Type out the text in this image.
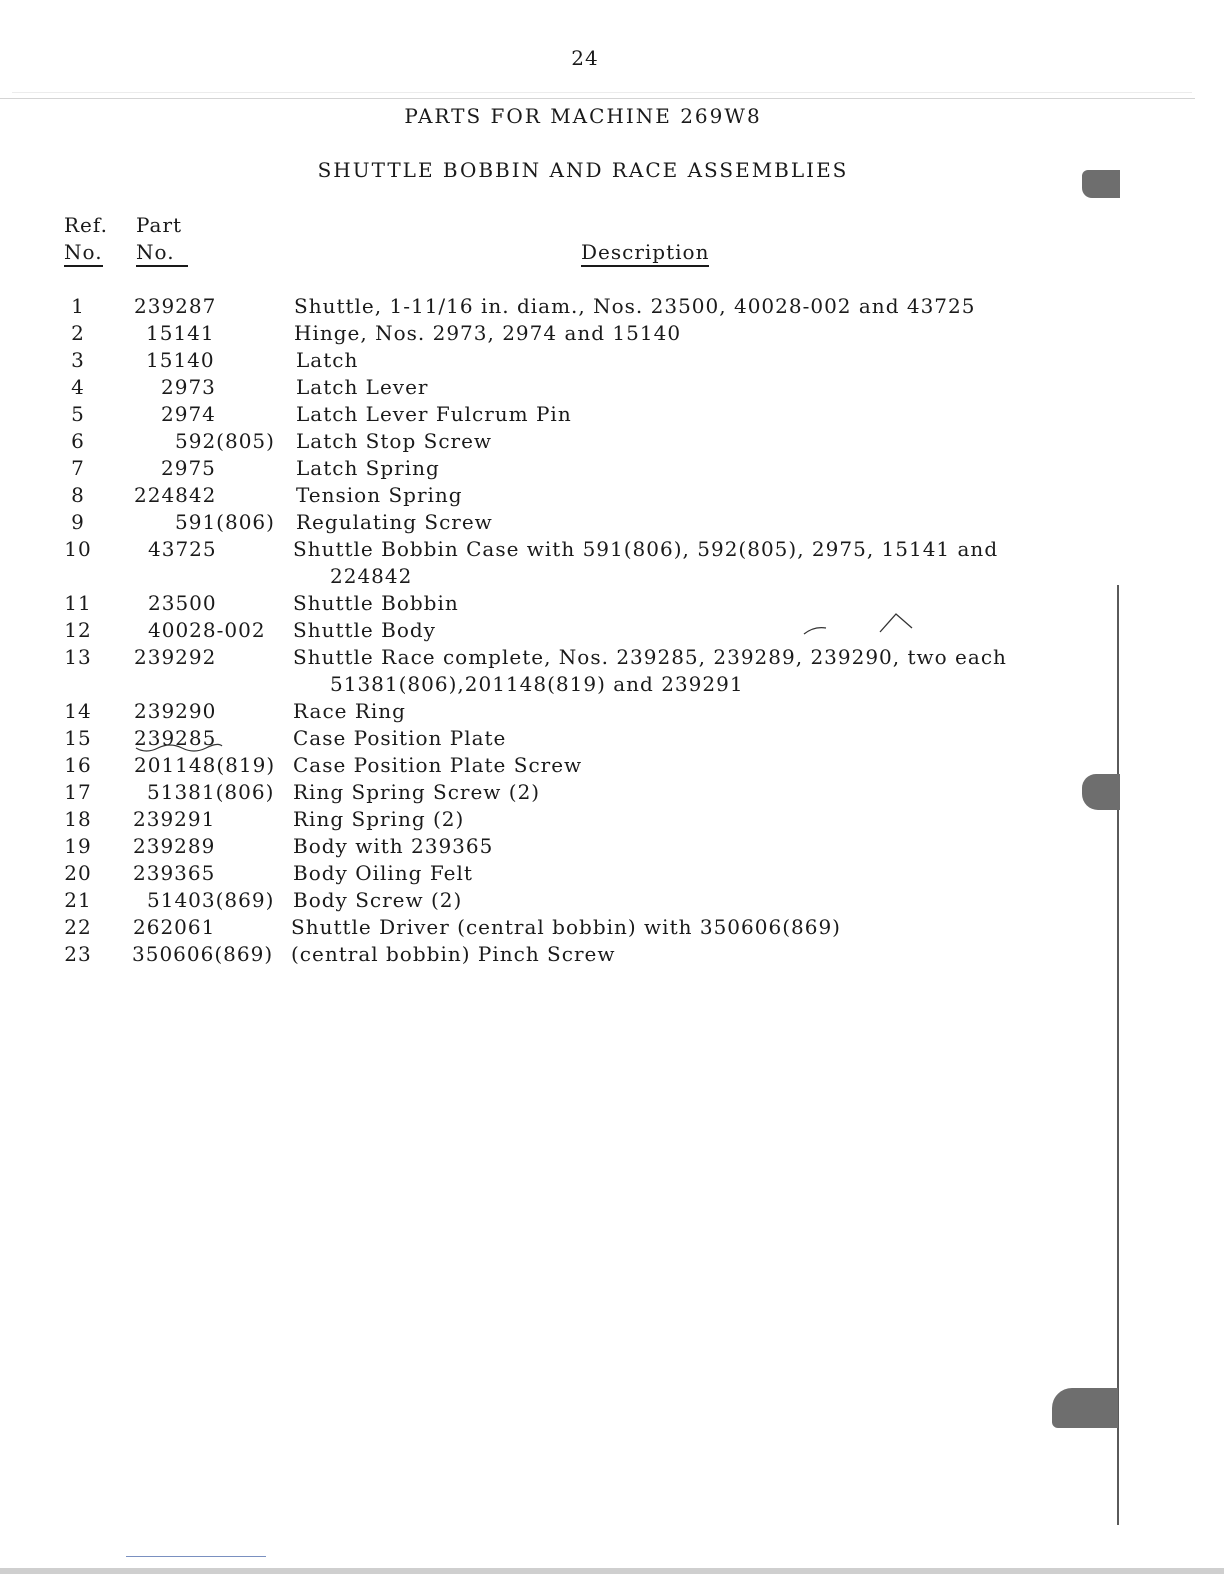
24
PARTS FOR MACHINE 269W8
SHUTTLE BOBBIN AND RACE ASSEMBLIES
Ref.
No.
Part
No.	Description
1	239287	Shuttle, 1-11/16 in. diam., Nos. 23500, 40028-002 and 43725
2	15141	Hinge, Nos. 2973, 2974 and 15140
3	15140	Latch
4	2973	Latch Lever
5	2974	Latch Lever Fulcrum Pin
6	592(805) Latch Stop Screw
7	2975	Latch Spring
8	224842	Tension Spring
9	591(806) Regulating Screw
10	43725	Shuttle Bobbin Case with 591(806), 592(805), 2975, 15141 and
224842
11	23500	Shuttle Bobbin
12	40028-002 Shuttle Body
13	239292	Shuttle Race complete, Nos. 239285, 239289, 239290, two each
51381(806),201148(819) and 239291
14	239290	Race Ring
15	239285	Case Position Plate
16	201148(819) Case Position Plate Screw
17	51381(806) Ring Spring Screw (2)
18	239291	Ring Spring (2)
19	239289	Body with 239365
20	239365	Body Oiling Felt
21	51403(869) Body Screw (2)
22	262061	Shuttle Driver (central bobbin) with 350606(869)
23	350606(869) (central bobbin) Pinch Screw
